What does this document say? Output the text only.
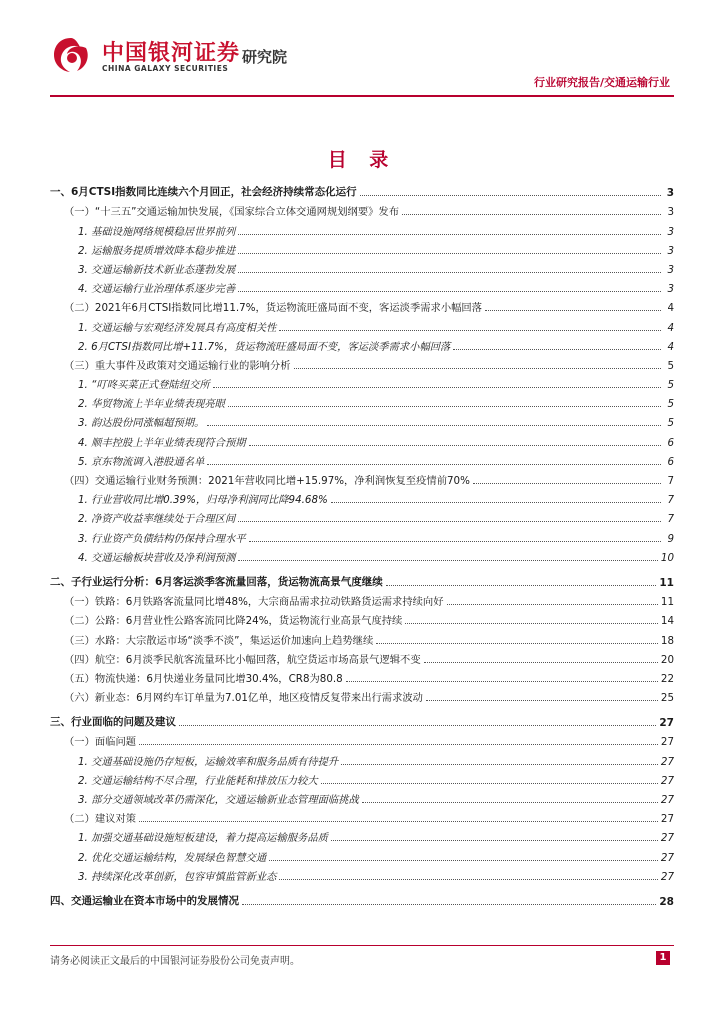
中国银河证券
CHINA GALAXY SECURITIES
研究院
行业研究报告/交通运输行业
目 录
一、6月CTSI指数同比连续六个月回正，社会经济持续常态化运行	3
（一）“十三五”交通运输加快发展，《国家综合立体交通网规划纲要》发布	3
1. 基础设施网络规模稳居世界前列	3
2. 运输服务提质增效降本稳步推进	3
3. 交通运输新技术新业态蓬勃发展	3
4. 交通运输行业治理体系逐步完善	3
（二）2021年6月CTSI指数同比增11.7%，货运物流旺盛局面不变，客运淡季需求小幅回落	4
1. 交通运输与宏观经济发展具有高度相关性	4
2. 6月CTSI指数同比增+11.7%，货运物流旺盛局面不变，客运淡季需求小幅回落	4
（三）重大事件及政策对交通运输行业的影响分析	5
1. “叮咚买菜正式登陆纽交所	5
2. 华贸物流上半年业绩表现亮眼	5
3. 韵达股份同涨幅超预期。	5
4. 顺丰控股上半年业绩表现符合预期	6
5. 京东物流调入港股通名单	6
（四）交通运输行业财务预测：2021年营收同比增+15.97%，净利润恢复至疫情前70%	7
1. 行业营收同比增0.39%，归母净利润同比降94.68%	7
2. 净资产收益率继续处于合理区间	7
3. 行业资产负债结构仍保持合理水平	9
4. 交通运输板块营收及净利润预测	10
二、子行业运行分析：6月客运淡季客流量回落，货运物流高景气度继续	11
（一）铁路：6月铁路客流量同比增48%，大宗商品需求拉动铁路货运需求持续向好	11
（二）公路：6月营业性公路客流同比降24%，货运物流行业高景气度持续	14
（三）水路：大宗散运市场“淡季不淡”，集运运价加速向上趋势继续	18
（四）航空：6月淡季民航客流量环比小幅回落，航空货运市场高景气逻辑不变	20
（五）物流快递：6月快递业务量同比增30.4%，CR8为80.8	22
（六）新业态：6月网约车订单量为7.01亿单，地区疫情反复带来出行需求波动	25
三、行业面临的问题及建议	27
（一）面临问题	27
1. 交通基础设施仍存短板，运输效率和服务品质有待提升	27
2. 交通运输结构不尽合理，行业能耗和排放压力较大	27
3. 部分交通领域改革仍需深化，交通运输新业态管理面临挑战	27
（二）建议对策	27
1. 加强交通基础设施短板建设，着力提高运输服务品质	27
2. 优化交通运输结构，发展绿色智慧交通	27
3. 持续深化改革创新，包容审慎监管新业态	27
四、交通运输业在资本市场中的发展情况	28
请务必阅读正文最后的中国银河证券股份公司免责声明。	1
